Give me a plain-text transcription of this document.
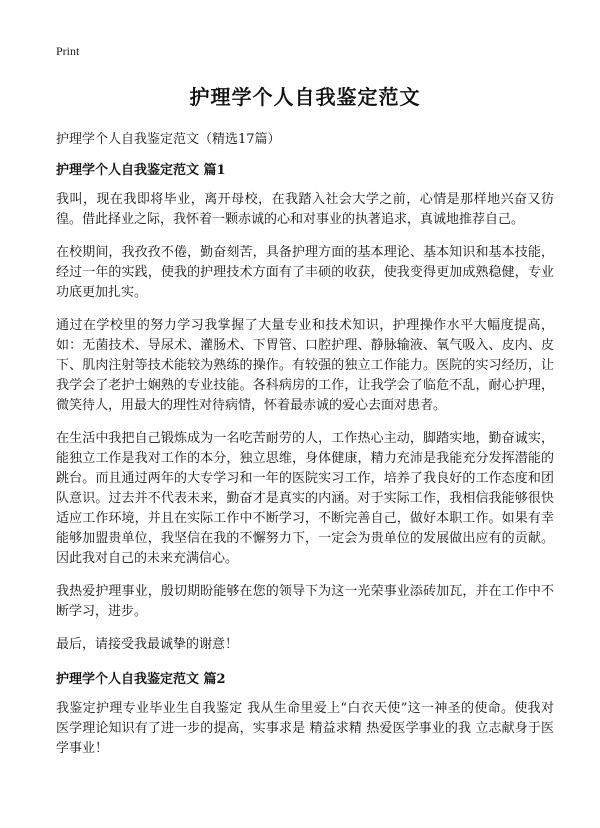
Print
护理学个人自我鉴定范文
护理学个人自我鉴定范文（精选17篇）
护理学个人自我鉴定范文 篇1

我叫，现在我即将毕业，离开母校，在我踏入社会大学之前，心情是那样地兴奋又彷徨。借此择业之际，我怀着一颗赤诚的心和对事业的执著追求，真诚地推荐自己。

在校期间，我孜孜不倦，勤奋刻苦，具备护理方面的基本理论、基本知识和基本技能，经过一年的实践，使我的护理技术方面有了丰硕的收获，使我变得更加成熟稳健，专业功底更加扎实。

通过在学校里的努力学习我掌握了大量专业和技术知识，护理操作水平大幅度提高，如：无菌技术、导尿术、灌肠术、下胃管、口腔护理、静脉输液、氧气吸入、皮内、皮下、肌肉注射等技术能较为熟练的操作。有较强的独立工作能力。医院的实习经历，让我学会了老护士娴熟的专业技能。各科病房的工作，让我学会了临危不乱，耐心护理，微笑待人，用最大的理性对待病情，怀着最赤诚的爱心去面对患者。

在生活中我把自己锻炼成为一名吃苦耐劳的人，工作热心主动，脚踏实地，勤奋诚实，能独立工作是我对工作的本分，独立思维，身体健康，精力充沛是我能充分发挥潜能的跳台。而且通过两年的大专学习和一年的医院实习工作，培养了我良好的工作态度和团队意识。过去并不代表未来，勤奋才是真实的内涵。对于实际工作，我相信我能够很快适应工作环境，并且在实际工作中不断学习，不断完善自己，做好本职工作。如果有幸能够加盟贵单位，我坚信在我的不懈努力下，一定会为贵单位的发展做出应有的贡献。因此我对自己的未来充满信心。

我热爱护理事业，殷切期盼能够在您的领导下为这一光荣事业添砖加瓦，并在工作中不断学习，进步。

最后，请接受我最诚挚的谢意！

护理学个人自我鉴定范文 篇2

我鉴定护理专业毕业生自我鉴定 我从生命里爱上“白衣天使”这一神圣的使命。使我对医学理论知识有了进一步的提高，实事求是 精益求精 热爱医学事业的我 立志献身于医学事业！
